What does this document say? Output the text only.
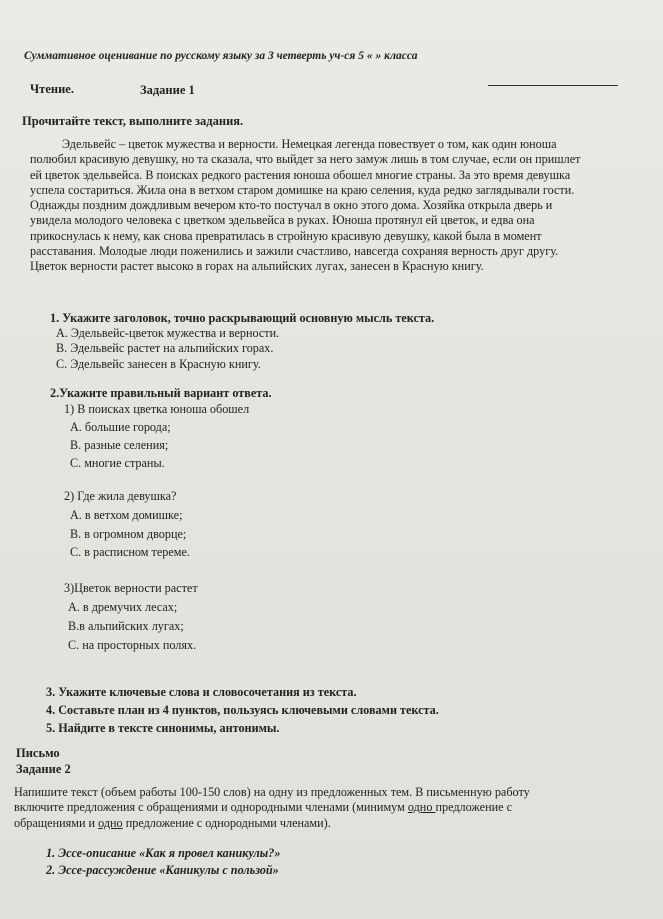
Суммативное оценивание по русскому языку за 3 четверть уч-ся 5 « » класса
Чтение.	Задание 1
Прочитайте текст, выполните задания.
Эдельвейс – цветок мужества и верности. Немецкая легенда повествует о том, как один юноша
полюбил красивую девушку, но та сказала, что выйдет за него замуж лишь в том случае, если он пришлет
ей цветок эдельвейса. В поисках редкого растения юноша обошел многие страны. За это время девушка
успела состариться. Жила она в ветхом старом домишке на краю селения, куда редко заглядывали гости.
Однажды поздним дождливым вечером кто-то постучал в окно этого дома. Хозяйка открыла дверь и
увидела молодого человека с цветком эдельвейса в руках. Юноша протянул ей цветок, и едва она
прикоснулась к нему, как снова превратилась в стройную красивую девушку, какой была в момент
расставания. Молодые люди поженились и зажили счастливо, навсегда сохраняя верность друг другу.
Цветок верности растет высоко в горах на альпийских лугах, занесен в Красную книгу.
1. Укажите заголовок, точно раскрывающий основную мысль текста.
А. Эдельвейс-цветок мужества и верности.
В. Эдельвейс растет на альпийских горах.
С. Эдельвейс занесен в Красную книгу.
2.Укажите правильный вариант ответа.
1) В поисках цветка юноша обошел
А. большие города;
В. разные селения;
С. многие страны.
2) Где жила девушка?
А. в ветхом домишке;
В. в огромном дворце;
С. в расписном тереме.
3)Цветок верности растет
А. в дремучих лесах;
В.в альпийских лугах;
С. на просторных полях.
3. Укажите ключевые слова и словосочетания из текста.
4. Составьте план из 4 пунктов, пользуясь ключевыми словами текста.
5. Найдите в тексте синонимы, антонимы.
Письмо
Задание 2
Напишите текст (объем работы 100-150 слов) на одну из предложенных тем. В письменную работу
включите предложения с обращениями и однородными членами (минимум одно предложение с
обращениями и одно предложение с однородными членами).
1. Эссе-описание «Как я провел каникулы?»
2. Эссе-рассуждение «Каникулы с пользой»
